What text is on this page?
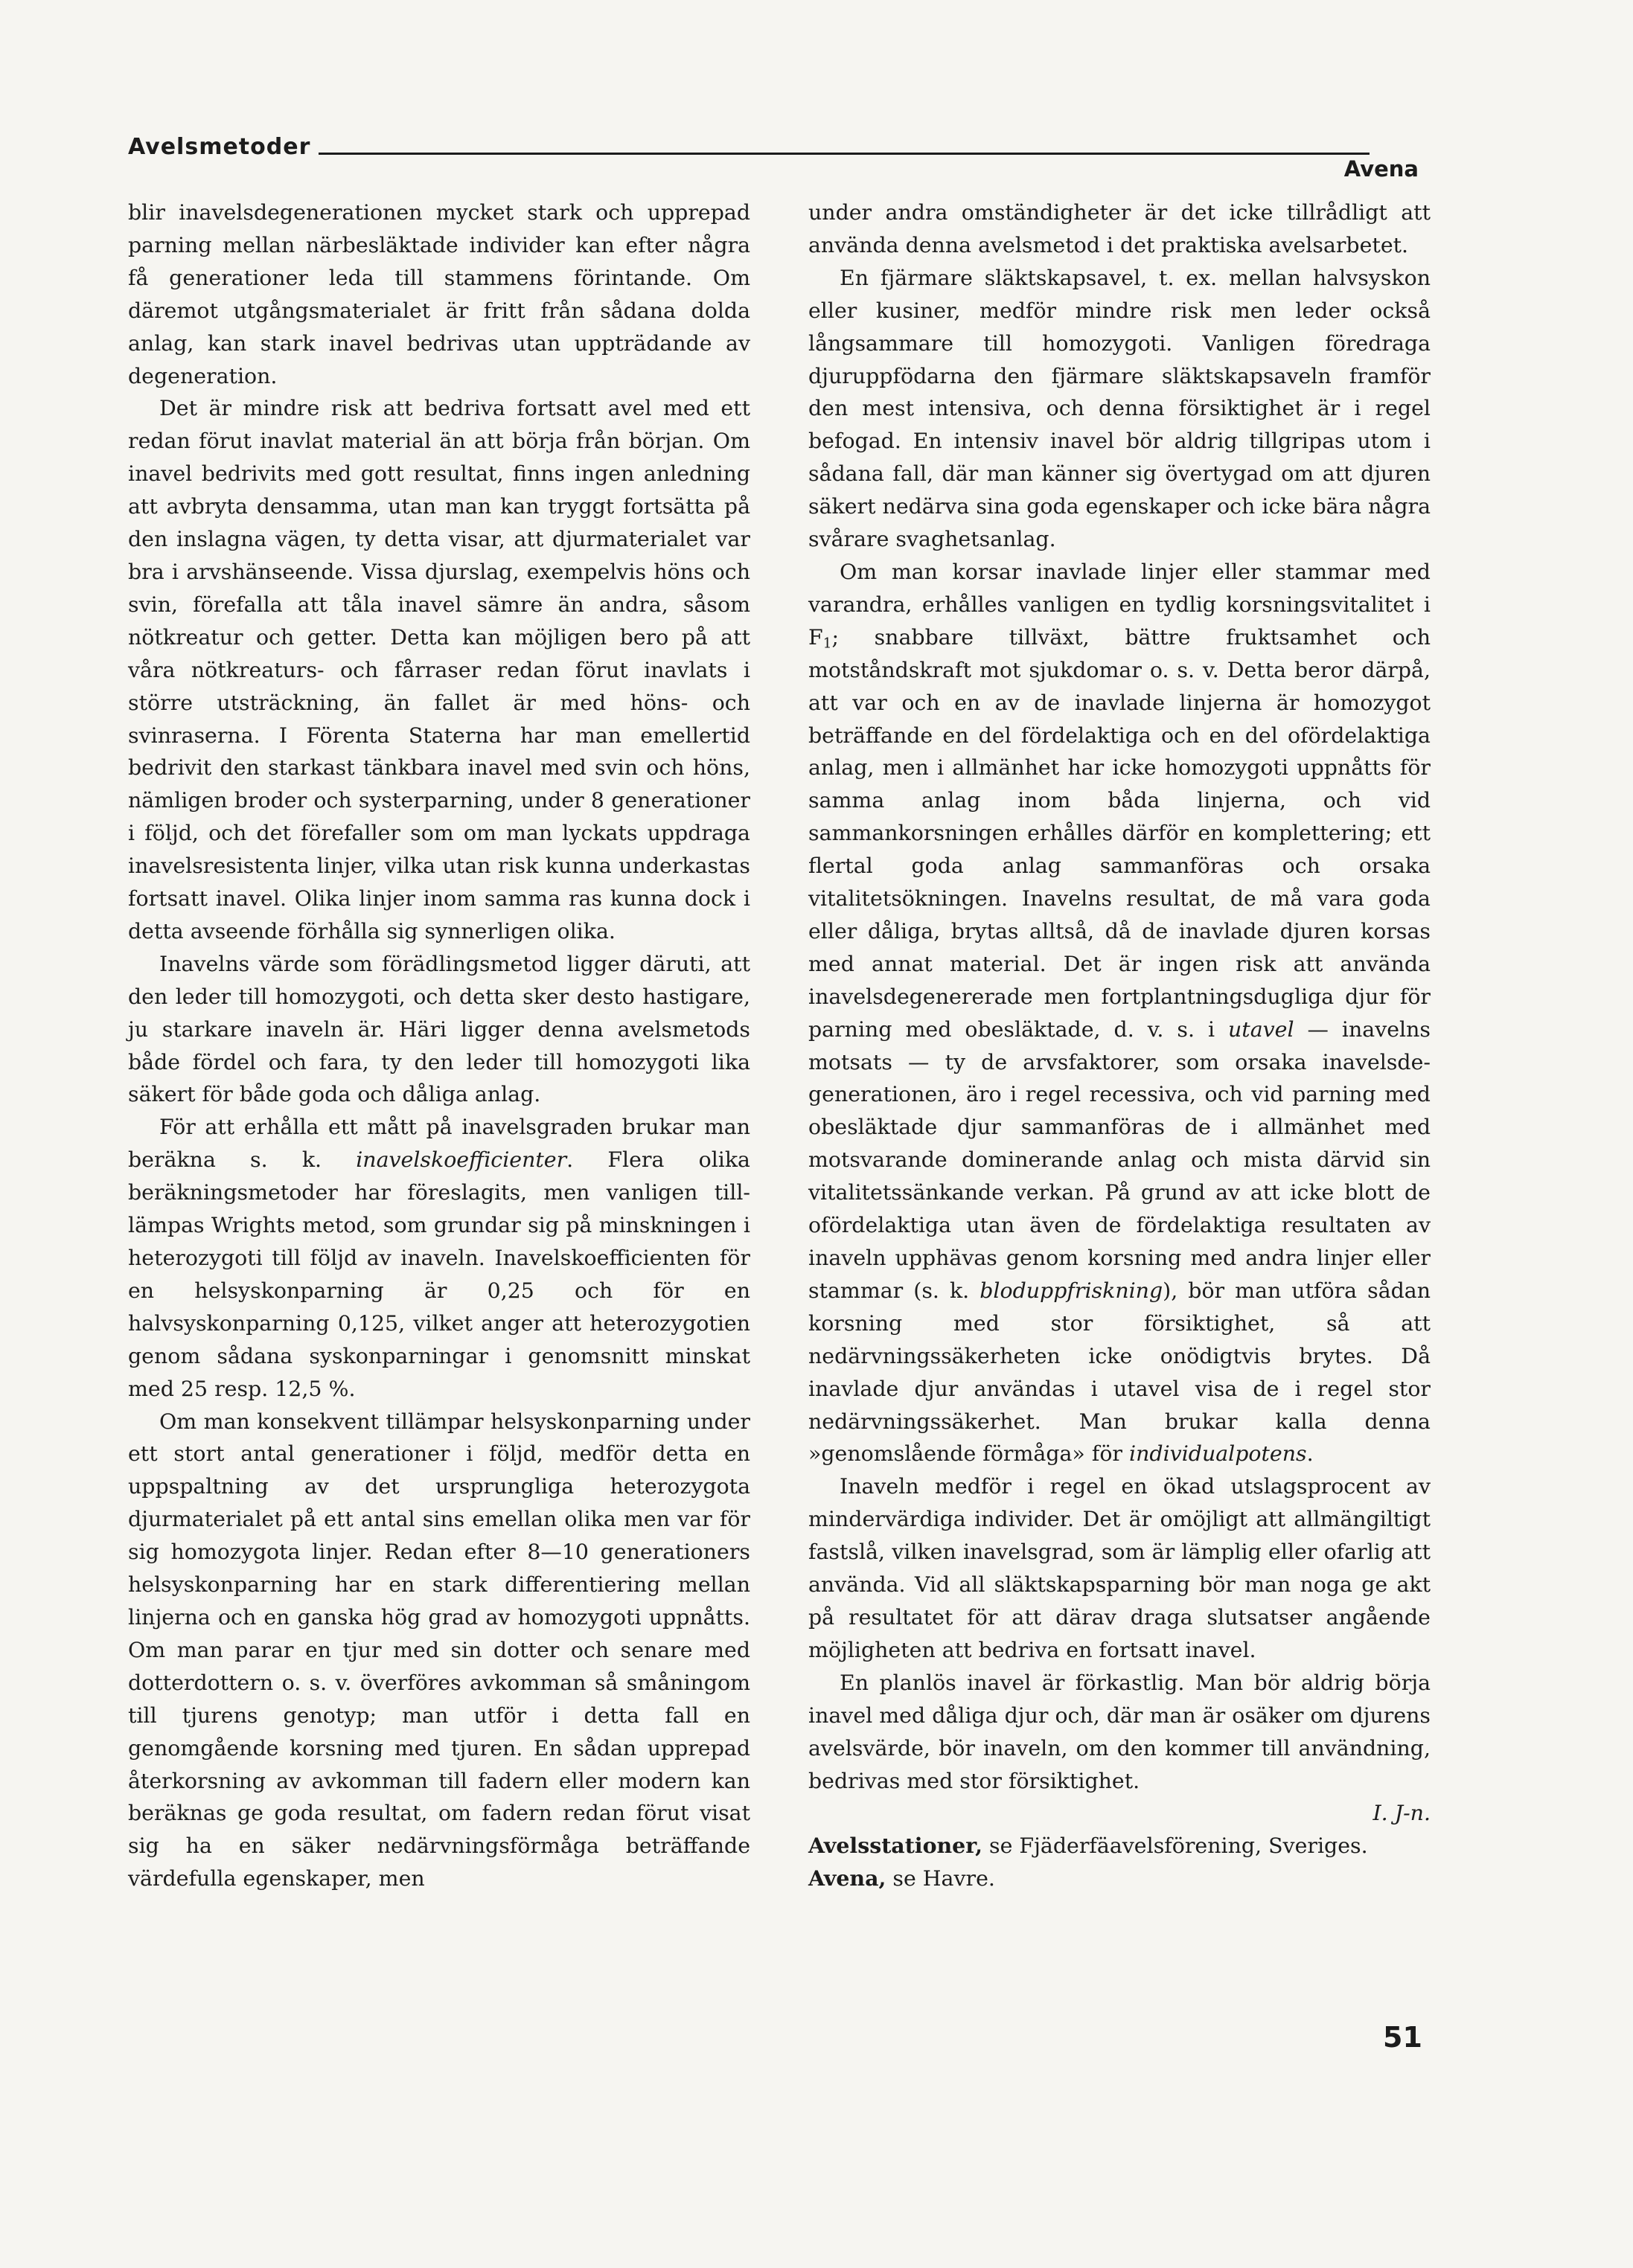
Avelsmetoder
Avena

blir inavelsdegenerationen mycket stark och upprepad parning mellan närbesläktade individer kan efter några få generationer leda till stammens förintande. Om däremot utgångsmaterialet är fritt från sådana dolda anlag, kan stark inavel bedrivas utan uppträdande av degeneration.

Det är mindre risk att bedriva fortsatt avel med ett redan förut inavlat material än att börja från början. Om inavel bedrivits med gott resultat, finns ingen anledning att avbryta densamma, utan man kan tryggt fortsätta på den inslagna vägen, ty detta visar, att djurmaterialet var bra i arvshänseende. Vissa djurslag, exempelvis höns och svin, förefalla att tåla inavel sämre än andra, såsom nötkreatur och getter. Detta kan möjligen bero på att våra nötkreaturs- och fårraser redan förut inavlats i större utsträckning, än fallet är med höns- och svinraserna. I Förenta Staterna har man emellertid bedrivit den starkast tänkbara inavel med svin och höns, nämligen broder och systerparning, under 8 generationer i följd, och det förefaller som om man lyckats uppdraga inavelsresistenta linjer, vilka utan risk kunna underkastas fortsatt inavel. Olika linjer inom samma ras kunna dock i detta avseende förhålla sig synnerligen olika.

Inavelns värde som förädlingsmetod ligger däruti, att den leder till homozygoti, och detta sker desto hastigare, ju starkare inaveln är. Häri ligger denna avelsmetods både fördel och fara, ty den leder till homozygoti lika säkert för både goda och dåliga anlag.

För att erhålla ett mått på inavelsgraden brukar man beräkna s. k. inavelskoefficienter. Flera olika beräkningsmetoder har föreslagits, men vanligen tilllämpas Wrights metod, som grundar sig på minskningen i heterozygoti till följd av inaveln. Inavelskoefficienten för en helsyskonparning är 0,25 och för en halvsyskonparning 0,125, vilket anger att heterozygotien genom sådana syskonparningar i genomsnitt minskat med 25 resp. 12,5 %.

Om man konsekvent tillämpar helsyskonparning under ett stort antal generationer i följd, medför detta en uppspaltning av det ursprungliga heterozygota djurmaterialet på ett antal sins emellan olika men var för sig homozygota linjer. Redan efter 8—10 generationers helsyskonparning har en stark differentiering mellan linjerna och en ganska hög grad av homozygoti uppnåtts. Om man parar en tjur med sin dotter och senare med dotterdottern o. s. v. överföres avkomman så småningom till tjurens genotyp; man utför i detta fall en genomgående korsning med tjuren. En sådan upprepad återkorsning av avkomman till fadern eller modern kan beräknas ge goda resultat, om fadern redan förut visat sig ha en säker nedärvningsförmåga beträffande värdefulla egenskaper, men

under andra omständigheter är det icke tillrådligt att använda denna avelsmetod i det praktiska avelsarbetet.

En fjärmare släktskapsavel, t. ex. mellan halvsyskon eller kusiner, medför mindre risk men leder också långsammare till homozygoti. Vanligen föredraga djuruppfödarna den fjärmare släktskapsaveln framför den mest intensiva, och denna försiktighet är i regel befogad. En intensiv inavel bör aldrig tillgripas utom i sådana fall, där man känner sig övertygad om att djuren säkert nedärva sina goda egenskaper och icke bära några svårare svaghetsanlag.

Om man korsar inavlade linjer eller stammar med varandra, erhålles vanligen en tydlig korsningsvitalitet i $F_1$; snabbare tillväxt, bättre fruktsamhet och motståndskraft mot sjukdomar o. s. v. Detta beror därpå, att var och en av de inavlade linjerna är homozygot beträffande en del fördelaktiga och en del ofördelaktiga anlag, men i allmänhet har icke homozygoti uppnåtts för samma anlag inom båda linjerna, och vid sammankorsningen erhålles därför en komplettering; ett flertal goda anlag sammanföras och orsaka vitalitetsökningen. Inavelns resultat, de må vara goda eller dåliga, brytas alltså, då de inavlade djuren korsas med annat material. Det är ingen risk att använda inavelsdegenererade men fortplantningsdugliga djur för parning med obesläktade, d. v. s. i utavel — inavelns motsats — ty de arvsfaktorer, som orsaka inavelsdegenerationen, äro i regel recessiva, och vid parning med obesläktade djur sammanföras de i allmänhet med motsvarande dominerande anlag och mista därvid sin vitalitetssänkande verkan. På grund av att icke blott de ofördelaktiga utan även de fördelaktiga resultaten av inaveln upphävas genom korsning med andra linjer eller stammar (s. k. bloduppfriskning), bör man utföra sådan korsning med stor försiktighet, så att nedärvningssäkerheten icke onödigtvis brytes. Då inavlade djur användas i utavel visa de i regel stor nedärvningssäkerhet. Man brukar kalla denna »genomslående förmåga» för individualpotens.

Inaveln medför i regel en ökad utslagsprocent av mindervärdiga individer. Det är omöjligt att allmängiltigt fastslå, vilken inavelsgrad, som är lämplig eller ofarlig att använda. Vid all släktskapsparning bör man noga ge akt på resultatet för att därav draga slutsatser angående möjligheten att bedriva en fortsatt inavel.

En planlös inavel är förkastlig. Man bör aldrig börja inavel med dåliga djur och, där man är osäker om djurens avelsvärde, bör inaveln, om den kommer till användning, bedrivas med stor försiktighet.

I. J-n.

Avelsstationer, se Fjäderfäavelsförening, Sveriges.

Avena, se Havre.

51
